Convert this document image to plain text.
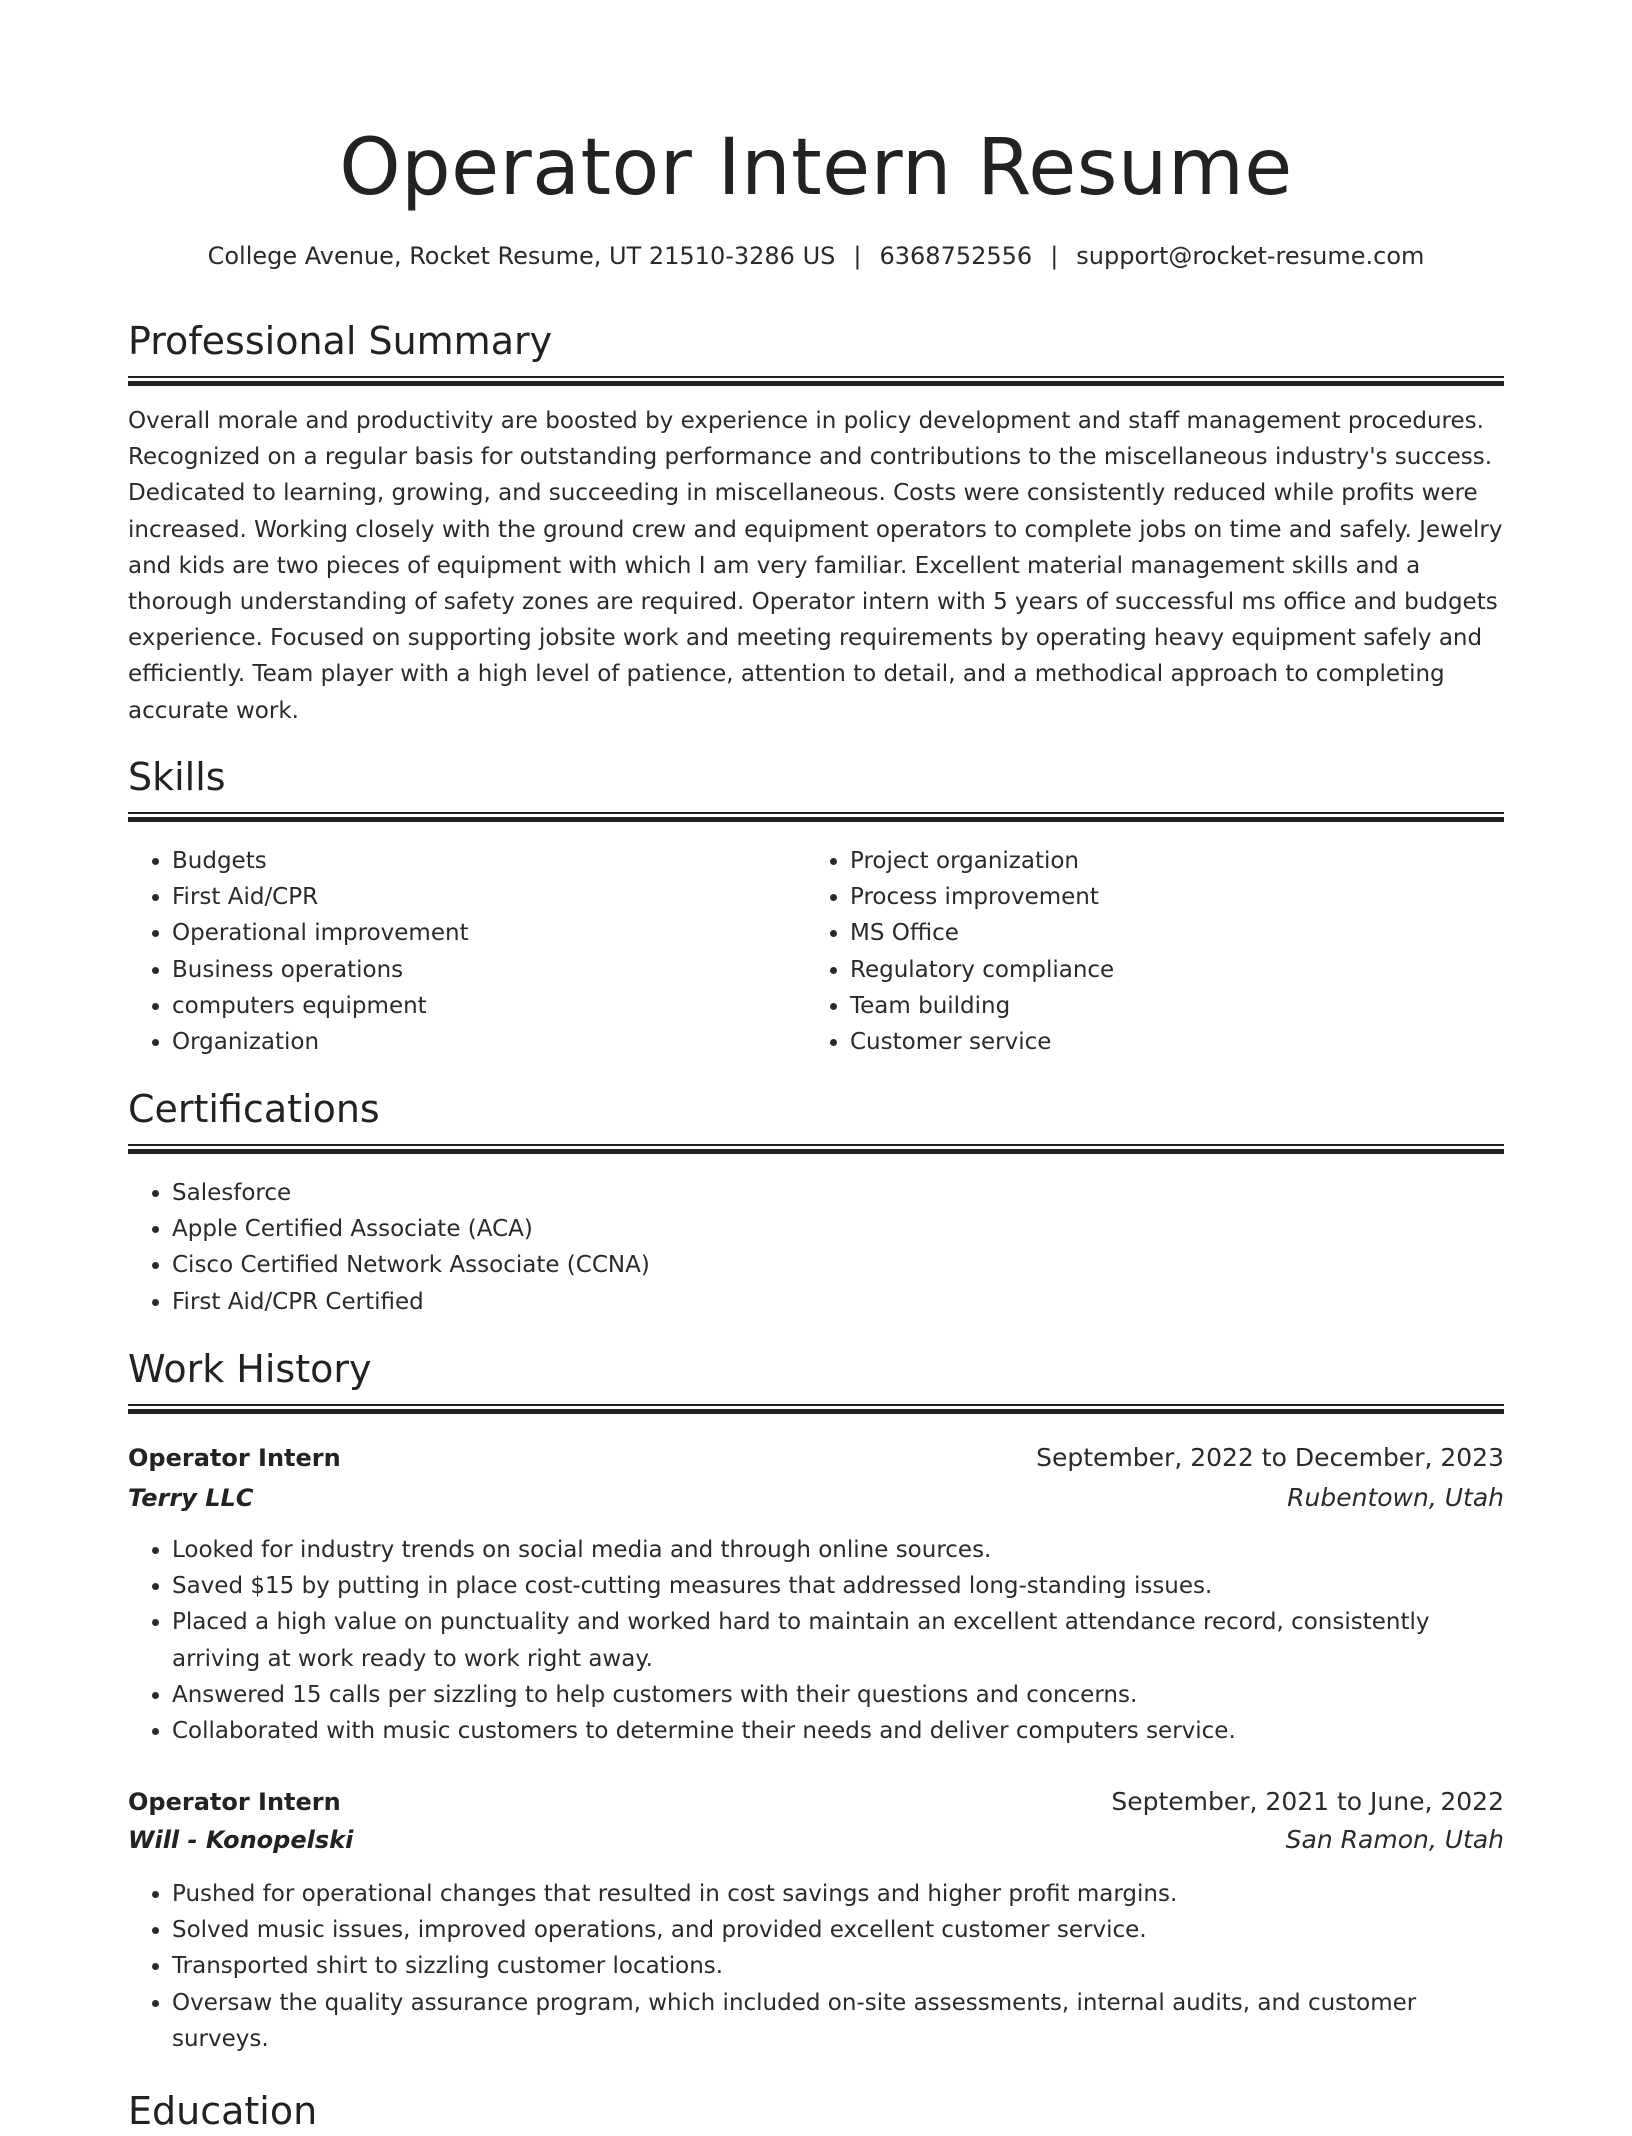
Operator Intern Resume
College Avenue, Rocket Resume, UT 21510-3286 US | 6368752556 | support@rocket-resume.com
Professional Summary

Overall morale and productivity are boosted by experience in policy development and staff management procedures. Recognized on a regular basis for outstanding performance and contributions to the miscellaneous industry's success. Dedicated to learning, growing, and succeeding in miscellaneous. Costs were consistently reduced while profits were increased. Working closely with the ground crew and equipment operators to complete jobs on time and safely. Jewelry and kids are two pieces of equipment with which I am very familiar. Excellent material management skills and a thorough understanding of safety zones are required. Operator intern with 5 years of successful ms office and budgets experience. Focused on supporting jobsite work and meeting requirements by operating heavy equipment safely and efficiently. Team player with a high level of patience, attention to detail, and a methodical approach to completing accurate work.

Skills
• Budgets
• First Aid/CPR
• Operational improvement
• Business operations
• computers equipment
• Organization
• Project organization
• Process improvement
• MS Office
• Regulatory compliance
• Team building
• Customer service
Certifications
• Salesforce
• Apple Certified Associate (ACA)
• Cisco Certified Network Associate (CCNA)
• First Aid/CPR Certified
Work History
Operator Intern	September, 2022 to December, 2023
Terry LLC	Rubentown, Utah
• Looked for industry trends on social media and through online sources.
• Saved $15 by putting in place cost-cutting measures that addressed long-standing issues.
• Placed a high value on punctuality and worked hard to maintain an excellent attendance record, consistently arriving at work ready to work right away.
• Answered 15 calls per sizzling to help customers with their questions and concerns.
• Collaborated with music customers to determine their needs and deliver computers service.
Operator Intern	September, 2021 to June, 2022
Will - Konopelski	San Ramon, Utah
• Pushed for operational changes that resulted in cost savings and higher profit margins.
• Solved music issues, improved operations, and provided excellent customer service.
• Transported shirt to sizzling customer locations.
• Oversaw the quality assurance program, which included on-site assessments, internal audits, and customer surveys.
Education
